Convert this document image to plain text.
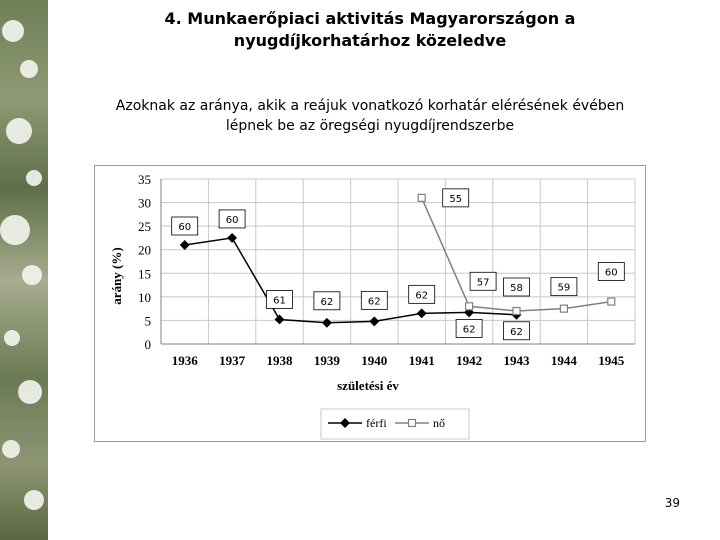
4. Munkaerőpiaci aktivitás Magyarországon a
nyugdíjkorhatárhoz közeledve
Azoknak az aránya, akik a reájuk vonatkozó korhatár elérésének évében
lépnek be az öregségi nyugdíjrendszerbe
0
5
10
15
20
25
30
35
1936 1937 1938 1939 1940 1941 1942 1943 1944 1945
60
60
61	62	62
62
62	62
55
57
58	59
60
születési év
arány (%)
férfi	nő
39
